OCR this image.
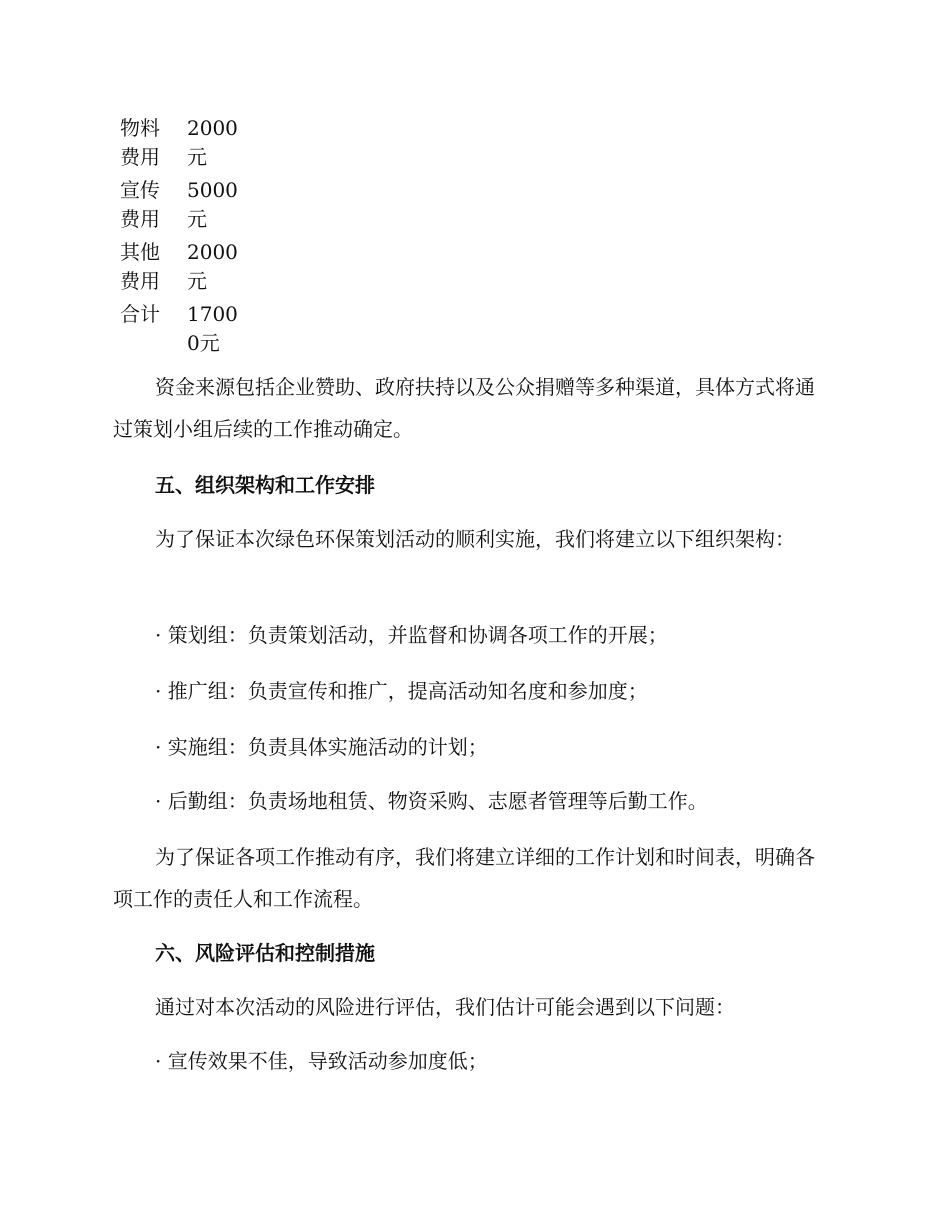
物料费用	2000元
宣传费用	5000元
其他费用	2000元
合计	17000元

资金来源包括企业赞助、政府扶持以及公众捐赠等多种渠道，具体方式将通过策划小组后续的工作推动确定。

五、组织架构和工作安排

为了保证本次绿色环保策划活动的顺利实施，我们将建立以下组织架构：

· 策划组：负责策划活动，并监督和协调各项工作的开展；
· 推广组：负责宣传和推广，提高活动知名度和参加度；
· 实施组：负责具体实施活动的计划；
· 后勤组：负责场地租赁、物资采购、志愿者管理等后勤工作。

为了保证各项工作推动有序，我们将建立详细的工作计划和时间表，明确各项工作的责任人和工作流程。

六、风险评估和控制措施

通过对本次活动的风险进行评估，我们估计可能会遇到以下问题：

· 宣传效果不佳，导致活动参加度低；
